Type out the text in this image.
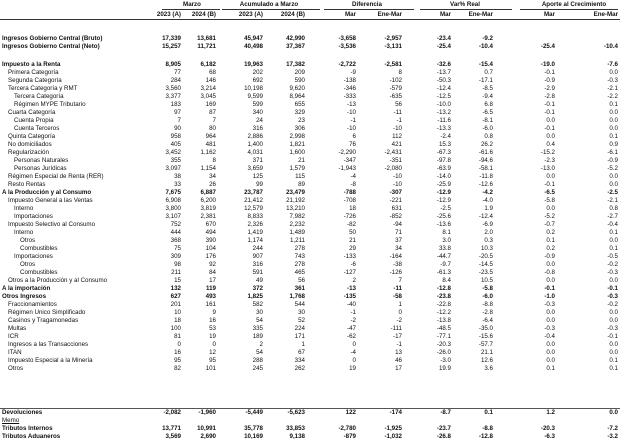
Marzo	Acumulado a Marzo	Diferencia	Var% Real	Aporte al Crecimiento
2023 (A)	2024 (B)	2023 (A)	2024 (B)	Mar	Ene-Mar	Mar	Ene-Mar	Mar	Ene-Mar
Ingresos Gobierno Central (Bruto)	17,339	13,681	45,947	42,990	-3,658	-2,957	-23.4	-9.2
Ingresos Gobierno Central (Neto)	15,257	11,721	40,498	37,367	-3,536	-3,131	-25.4	-10.4	-25.4	-10.4
Impuesto a la Renta	8,905	6,182	19,963	17,382	-2,722	-2,581	-32.6	-15.4	-19.0	-7.6
Primera Categoría	77	68	202	209	-9	8	-13.7	0.7	-0.1	0.0
Segunda Categoría	284	146	692	590	-138	-102	-50.3	-17.1	-0.9	-0.3
Tercera Categoría y RMT	3,560	3,214	10,198	9,620	-346	-579	-12.4	-8.5	-2.9	-2.1
Tercera Categoría	3,377	3,045	9,599	8,964	-333	-635	-12.5	-9.4	-2.8	-2.2
Régimen MYPE Tributario	183	169	599	655	-13	56	-10.0	6.8	-0.1	0.1
Cuarta Categoría	97	87	340	329	-10	-11	-13.2	-6.5	-0.1	0.0
Cuenta Propia	7	7	24	23	-1	-1	-11.6	-8.1	0.0	0.0
Cuenta Terceros	90	80	316	306	-10	-10	-13.3	-6.0	-0.1	0.0
Quinta Categoría	958	964	2,886	2,998	6	112	-2.4	0.8	0.0	0.1
No domiciliados	405	481	1,400	1,821	76	421	15.3	26.2	0.4	0.9
Regularización	3,452	1,162	4,031	1,600	-2,290	-2,431	-67.3	-61.6	-15.2	-6.1
Personas Naturales	355	8	371	21	-347	-351	-97.8	-94.6	-2.3	-0.9
Personas Jurídicas	3,097	1,154	3,659	1,579	-1,943	-2,080	-63.9	-58.1	-13.0	-5.2
Régimen Especial de Renta (RER)	38	34	125	115	-4	-10	-14.0	-11.8	0.0	0.0
Resto Rentas	33	26	99	89	-8	-10	-25.9	-12.6	-0.1	0.0
A la Producción y al Consumo	7,675	6,887	23,787	23,479	-788	-307	-12.9	-4.2	-6.5	-2.5
Impuesto General a las Ventas	6,908	6,200	21,412	21,192	-708	-221	-12.9	-4.0	-5.8	-2.1
Interno	3,800	3,819	12,579	13,210	18	631	-2.5	1.9	0.0	0.8
Importaciones	3,107	2,381	8,833	7,982	-726	-852	-25.6	-12.4	-5.2	-2.7
Impuesto Selectivo al Consumo	752	670	2,326	2,232	-82	-94	-13.6	-6.9	-0.7	-0.4
Interno	444	494	1,419	1,489	50	71	8.1	2.0	0.2	0.1
Otros	368	390	1,174	1,211	21	37	3.0	0.3	0.1	0.0
Combustibles	75	104	244	278	29	34	33.8	10.3	0.2	0.1
Importaciones	309	176	907	743	-133	-164	-44.7	-20.5	-0.9	-0.5
Otros	98	92	316	278	-6	-38	-9.7	-14.5	0.0	-0.2
Combustibles	211	84	591	465	-127	-126	-61.3	-23.5	-0.8	-0.3
Otros a la Producción y al Consumo	15	17	49	56	2	7	8.4	10.5	0.0	0.0
A la importación	132	119	372	361	-13	-11	-12.8	-5.8	-0.1	-0.1
Otros Ingresos	627	493	1,825	1,768	-135	-58	-23.8	-6.0	-1.0	-0.3
Fraccionamientos	201	161	582	544	-40	1	-22.8	-8.8	-0.3	-0.2
Régimen Único Simplificado	10	9	30	30	-1	0	-12.2	-2.8	0.0	0.0
Casinos y Tragamonedas	18	16	54	52	-2	-2	-13.8	-6.4	0.0	0.0
Multas	100	53	335	224	-47	-111	-48.5	-35.0	-0.3	-0.3
ICR	81	19	189	171	-62	-17	-77.1	-15.6	-0.4	-0.1
Ingresos a las Transacciones	0	0	2	1	0	-1	-20.3	-57.7	0.0	0.0
ITAN	16	12	54	67	-4	13	-26.0	21.1	0.0	0.0
Impuesto Especial a la Minería	95	95	288	334	0	46	-3.0	12.6	0.0	0.1
Otros	82	101	245	262	19	17	19.9	3.6	0.1	0.1
Devoluciones	-2,082	-1,960	-5,449	-5,623	122	-174	-8.7	0.1	1.2	0.0
Memo
Tributos Internos	13,771	10,991	35,778	33,853	-2,780	-1,925	-23.7	-8.8	-20.3	-7.2
Tributos Aduaneros	3,569	2,690	10,169	9,138	-879	-1,032	-26.8	-12.8	-6.3	-3.2
